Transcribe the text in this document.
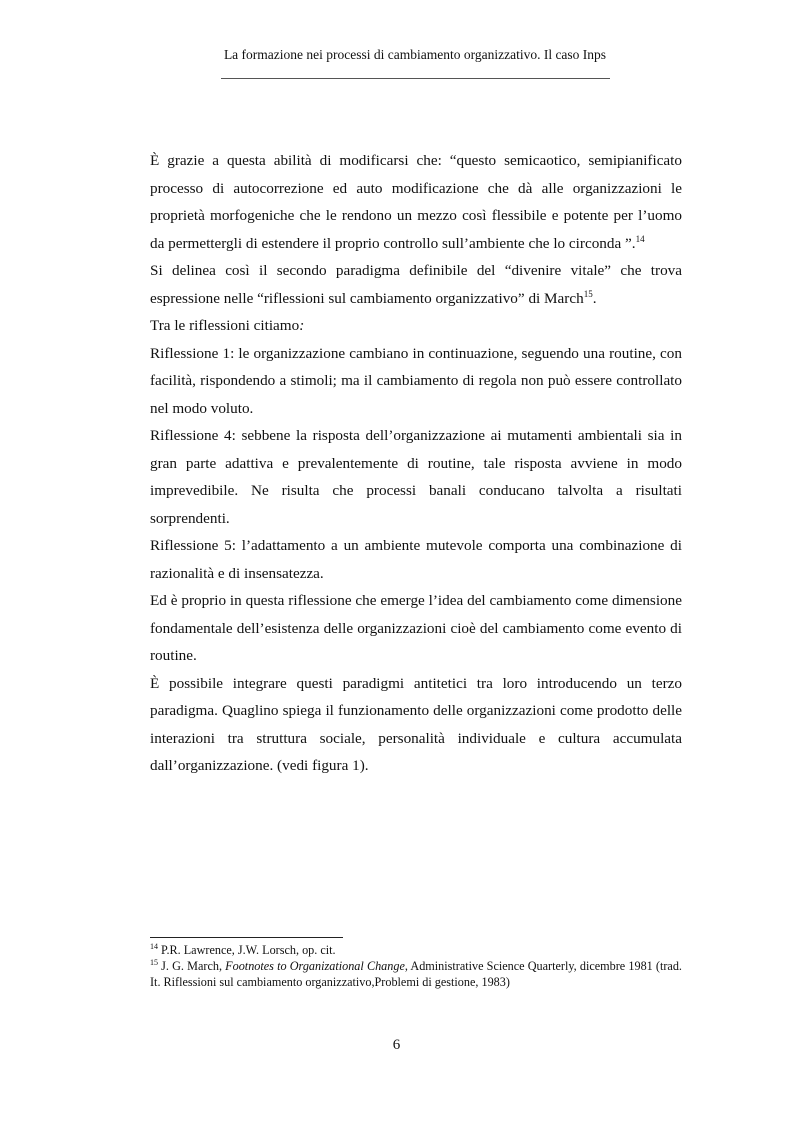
La formazione nei processi di cambiamento organizzativo. Il caso Inps

È grazie a questa abilità di modificarsi che: “questo semicaotico, semipianificato processo di autocorrezione ed auto modificazione che dà alle organizzazioni le proprietà morfogeniche che le rendono un mezzo così flessibile e potente per l’uomo da permettergli di estendere il proprio controllo sull’ambiente che lo circonda ”.$^{14}$

Si delinea così il secondo paradigma definibile del “divenire vitale” che trova espressione nelle “riflessioni sul cambiamento organizzativo” di March$^{15}$.

Tra le riflessioni citiamo:

Riflessione 1: le organizzazione cambiano in continuazione, seguendo una routine, con facilità, rispondendo a stimoli; ma il cambiamento di regola non può essere controllato nel modo voluto.

Riflessione 4: sebbene la risposta dell’organizzazione ai mutamenti ambientali sia in gran parte adattiva e prevalentemente di routine, tale risposta avviene in modo imprevedibile. Ne risulta che processi banali conducano talvolta a risultati sorprendenti.

Riflessione 5: l’adattamento a un ambiente mutevole comporta una combinazione di razionalità e di insensatezza.

Ed è proprio in questa riflessione che emerge l’idea del cambiamento come dimensione fondamentale dell’esistenza delle organizzazioni cioè del cambiamento come evento di routine.

È possibile integrare questi paradigmi antitetici tra loro introducendo un terzo paradigma. Quaglino spiega il funzionamento delle organizzazioni come prodotto delle interazioni tra struttura sociale, personalità individuale e cultura accumulata dall’organizzazione. (vedi figura 1).

$^{14}$ P.R. Lawrence, J.W. Lorsch, op. cit.

$^{15}$ J. G. March, Footnotes to Organizational Change, Administrative Science Quarterly, dicembre 1981 (trad. It. Riflessioni sul cambiamento organizzativo,Problemi di gestione, 1983)

6
